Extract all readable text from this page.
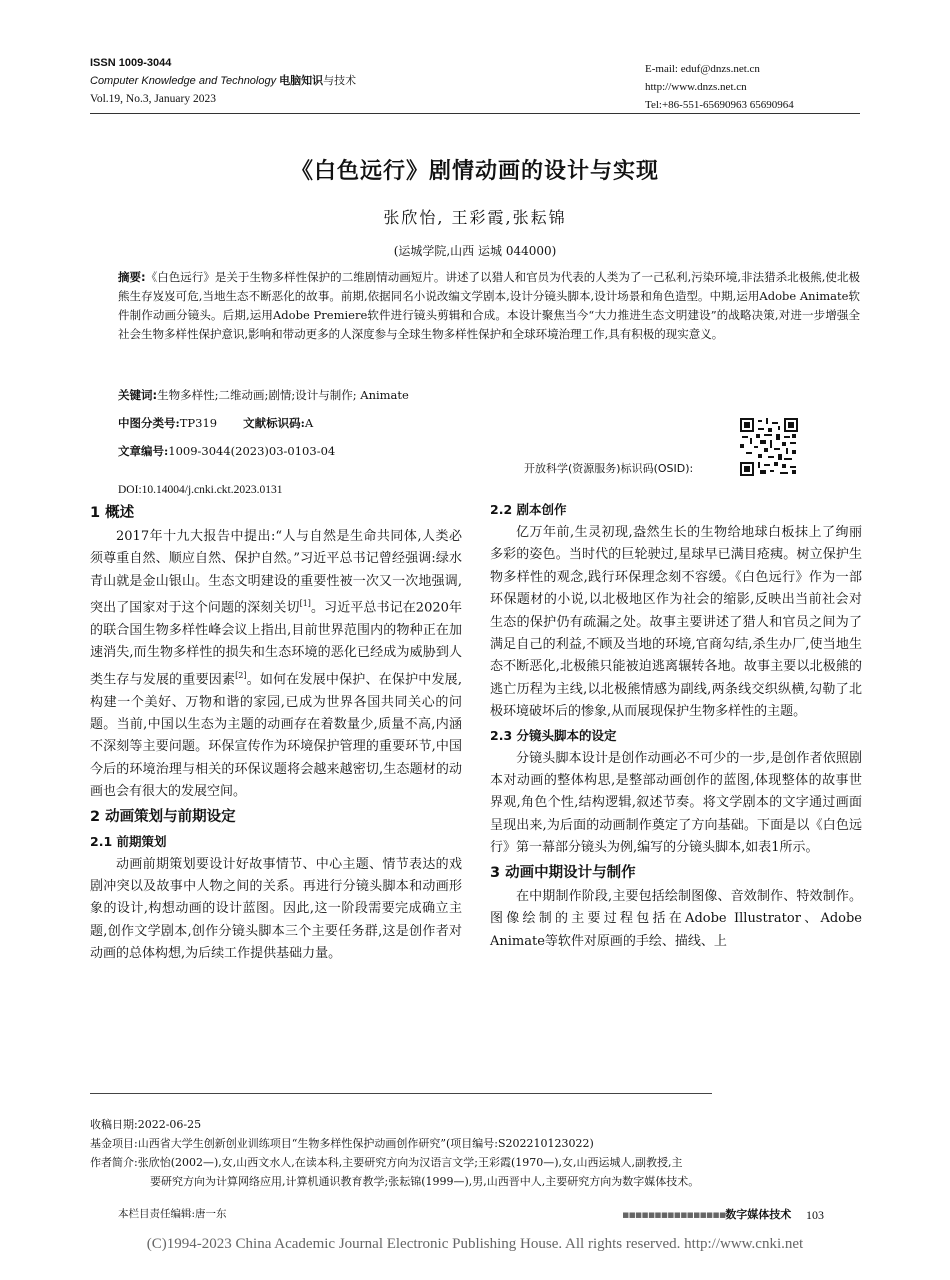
ISSN 1009-3044
Computer Knowledge and Technology 电脑知识与技术
Vol.19, No.3, January 2023
E-mail: eduf@dnzs.net.cn
http://www.dnzs.net.cn
Tel:+86-551-65690963 65690964
《白色远行》剧情动画的设计与实现
张欣怡, 王彩霞,张耘锦
(运城学院,山西 运城 044000)
摘要:《白色远行》是关于生物多样性保护的二维剧情动画短片。讲述了以猎人和官员为代表的人类为了一己私利,污染环境,非法猎杀北极熊,使北极熊生存岌岌可危,当地生态不断恶化的故事。前期,依据同名小说改编文学剧本,设计分镜头脚本,设计场景和角色造型。中期,运用Adobe Animate软件制作动画分镜头。后期,运用Adobe Premiere软件进行镜头剪辑和合成。本设计聚焦当今“大力推进生态文明建设”的战略决策,对进一步增强全社会生物多样性保护意识,影响和带动更多的人深度参与全球生物多样性保护和全球环境治理工作,具有积极的现实意义。
关键词:生物多样性;二维动画;剧情;设计与制作; Animate
中图分类号:TP319 文献标识码:A
文章编号:1009-3044(2023)03-0103-04
开放科学(资源服务)标识码(OSID):
DOI:10.14004/j.cnki.ckt.2023.0131
1 概述

2017年十九大报告中提出:“人与自然是生命共同体,人类必须尊重自然、顺应自然、保护自然。”习近平总书记曾经强调:绿水青山就是金山银山。生态文明建设的重要性被一次又一次地强调,突出了国家对于这个问题的深刻关切[1]。习近平总书记在2020年的联合国生物多样性峰会议上指出,目前世界范围内的物种正在加速消失,而生物多样性的损失和生态环境的恶化已经成为威胁到人类生存与发展的重要因素[2]。如何在发展中保护、在保护中发展,构建一个美好、万物和谐的家园,已成为世界各国共同关心的问题。当前,中国以生态为主题的动画存在着数量少,质量不高,内涵不深刻等主要问题。环保宣传作为环境保护管理的重要环节,中国今后的环境治理与相关的环保议题将会越来越密切,生态题材的动画也会有很大的发展空间。

2 动画策划与前期设定
2.1 前期策划

动画前期策划要设计好故事情节、中心主题、情节表达的戏剧冲突以及故事中人物之间的关系。再进行分镜头脚本和动画形象的设计,构想动画的设计蓝图。因此,这一阶段需要完成确立主题,创作文学剧本,创作分镜头脚本三个主要任务群,这是创作者对动画的总体构想,为后续工作提供基础力量。

2.2 剧本创作

亿万年前,生灵初现,盎然生长的生物给地球白板抹上了绚丽多彩的姿色。当时代的巨轮驶过,星球早已满目疮痍。树立保护生物多样性的观念,践行环保理念刻不容缓。《白色远行》作为一部环保题材的小说,以北极地区作为社会的缩影,反映出当前社会对生态的保护仍有疏漏之处。故事主要讲述了猎人和官员之间为了满足自己的利益,不顾及当地的环境,官商勾结,杀生办厂,使当地生态不断恶化,北极熊只能被迫逃离辗转各地。故事主要以北极熊的逃亡历程为主线,以北极熊情感为副线,两条线交织纵横,勾勒了北极环境破坏后的惨象,从而展现保护生物多样性的主题。

2.3 分镜头脚本的设定

分镜头脚本设计是创作动画必不可少的一步,是创作者依照剧本对动画的整体构思,是整部动画创作的蓝图,体现整体的故事世界观,角色个性,结构逻辑,叙述节奏。将文学剧本的文字通过画面呈现出来,为后面的动画制作奠定了方向基础。下面是以《白色远行》第一幕部分镜头为例,编写的分镜头脚本,如表1所示。

3 动画中期设计与制作

在中期制作阶段,主要包括绘制图像、音效制作、特效制作。图像绘制的主要过程包括在Adobe Illustrator、Adobe Animate等软件对原画的手绘、描线、上

收稿日期:2022-06-25
基金项目:山西省大学生创新创业训练项目“生物多样性保护动画创作研究”(项目编号:S202210123022)
作者简介:张欣怡(2002—),女,山西文水人,在读本科,主要研究方向为汉语言文学;王彩霞(1970—),女,山西运城人,副教授,主
要研究方向为计算网络应用,计算机通识教育教学;张耘锦(1999—),男,山西晋中人,主要研究方向为数字媒体技术。
本栏目责任编辑:唐一东	▪▪▪▪▪▪▪▪▪▪▪▪▪▪▪▪数字媒体技术 103
(C)1994-2023 China Academic Journal Electronic Publishing House. All rights reserved. http://www.cnki.net
